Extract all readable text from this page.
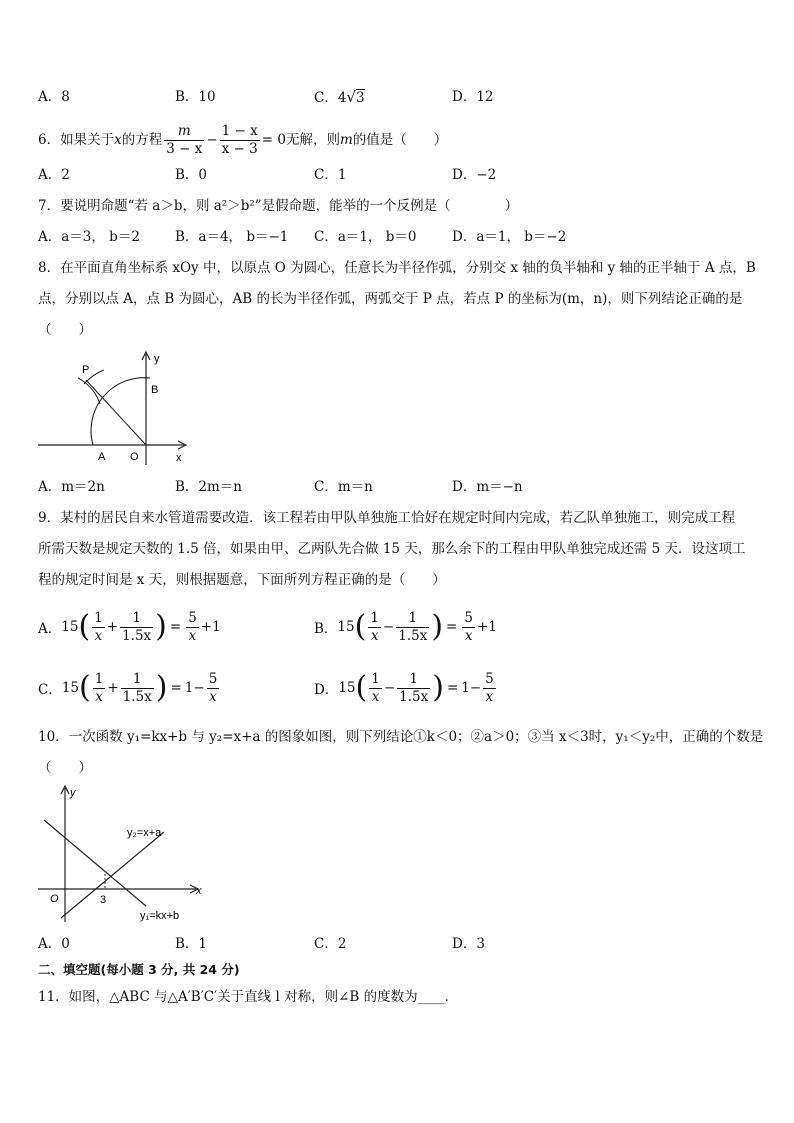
A．8	B．10	C．4√3	D．12
6．如果关于 x 的方程 $\frac{m}{3 - x} - \frac{1 - x}{x - 3} = 0$ 无解，则 m 的值是（　　）
A．2	B．0	C．1	D．−2
7．要说明命题“若 a＞b，则 a²＞b²”是假命题，能举的一个反例是（　　　　）
A．a＝3， b＝2	B．a＝4， b＝−1 C．a＝1， b＝0	D．a＝1， b＝−2
8．在平面直角坐标系 xOy 中，以原点 O 为圆心，任意长为半径作弧，分别交 x 轴的负半轴和 y 轴的正半轴于 A 点，B
点，分别以点 A，点 B 为圆心，AB 的长为半径作弧，两弧交于 P 点，若点 P 的坐标为(m，n)，则下列结论正确的是
（　　）
P
y
B
A O	x
A．m＝2n	B．2m＝n	C．m＝n	D．m＝−n
9．某村的居民自来水管道需要改造．该工程若由甲队单独施工恰好在规定时间内完成，若乙队单独施工，则完成工程
所需天数是规定天数的 1.5 倍，如果由甲、乙两队先合做 15 天，那么余下的工程由甲队单独完成还需 5 天．设这项工
程的规定时间是 x 天，则根据题意，下面所列方程正确的是（　　）
A． 15 ( $\frac{1}{x} + \frac{1}{1.5x}$ ) = $\frac{5}{x} +1$	B． 15 ( $\frac{1}{x} - \frac{1}{1.5x}$ ) = $\frac{5}{x} +1$
C． 15 ( $\frac{1}{x} + \frac{1}{1.5x}$ ) = $1- \frac{5}{x}$	D． 15 ( $\frac{1}{x} - \frac{1}{1.5x}$ ) = $1- \frac{5}{x}$
10．一次函数 y₁=kx+b 与 y₂=x+a 的图象如图，则下列结论①k＜0；②a＞0；③当 x＜3时，y₁＜y₂中，正确的个数是
（　　）
y
x
O	3
y₂=x+a
y₁=kx+b
A．0	B．1	C．2	D．3
二、填空题(每小题 3 分, 共 24 分)
11．如图，△ABC 与△A′B′C′关于直线 l 对称，则∠B 的度数为____．
